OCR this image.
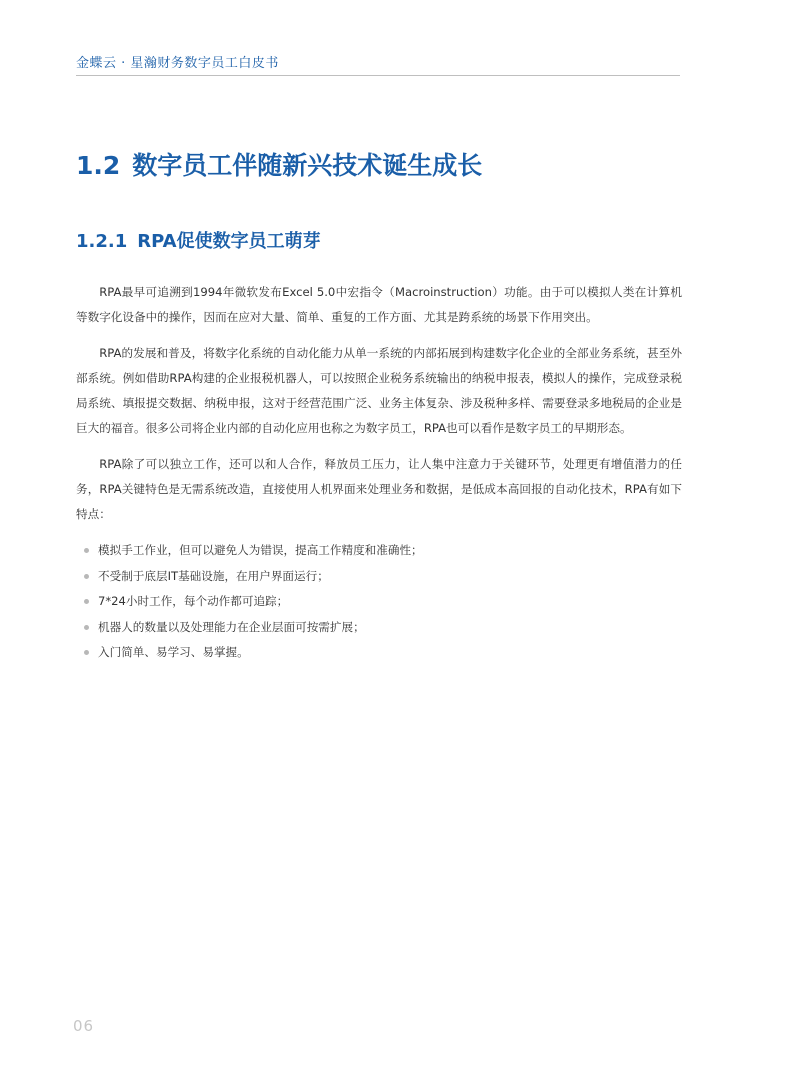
金蝶云 · 星瀚财务数字员工白皮书
1.2 数字员工伴随新兴技术诞生成长
1.2.1 RPA促使数字员工萌芽

RPA最早可追溯到1994年微软发布Excel 5.0中宏指令（Macroinstruction）功能。由于可以模拟人类在计算机等数字化设备中的操作，因而在应对大量、简单、重复的工作方面、尤其是跨系统的场景下作用突出。

RPA的发展和普及，将数字化系统的自动化能力从单一系统的内部拓展到构建数字化企业的全部业务系统，甚至外部系统。例如借助RPA构建的企业报税机器人，可以按照企业税务系统输出的纳税申报表，模拟人的操作，完成登录税局系统、填报提交数据、纳税申报，这对于经营范围广泛、业务主体复杂、涉及税种多样、需要登录多地税局的企业是巨大的福音。很多公司将企业内部的自动化应用也称之为数字员工，RPA也可以看作是数字员工的早期形态。

RPA除了可以独立工作，还可以和人合作，释放员工压力，让人集中注意力于关键环节，处理更有增值潜力的任务，RPA关键特色是无需系统改造，直接使用人机界面来处理业务和数据，是低成本高回报的自动化技术，RPA有如下特点：

模拟手工作业，但可以避免人为错误，提高工作精度和准确性；
不受制于底层IT基础设施，在用户界面运行；
7*24小时工作，每个动作都可追踪；
机器人的数量以及处理能力在企业层面可按需扩展；
入门简单、易学习、易掌握。
06
